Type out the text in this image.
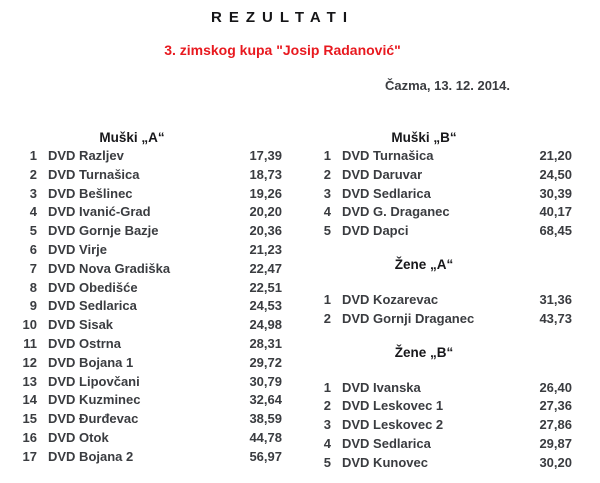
REZULTATI
3. zimskog kupa "Josip Radanović"
Čazma, 13. 12. 2014.
Muški „A“
1 DVD Razljev	17,39
2 DVD Turnašica	18,73
3 DVD Bešlinec	19,26
4 DVD Ivanić-Grad	20,20
5 DVD Gornje Bazje	20,36
6 DVD Virje	21,23
7 DVD Nova Gradiška	22,47
8 DVD Obedišće	22,51
9 DVD Sedlarica	24,53
10 DVD Sisak	24,98
11 DVD Ostrna	28,31
12 DVD Bojana 1	29,72
13 DVD Lipovčani	30,79
14 DVD Kuzminec	32,64
15 DVD Đurđevac	38,59
16 DVD Otok	44,78
17 DVD Bojana 2	56,97
Muški „B“
1 DVD Turnašica	21,20
2 DVD Daruvar	24,50
3 DVD Sedlarica	30,39
4 DVD G. Draganec	40,17
5 DVD Dapci	68,45
Žene „A“
1 DVD Kozarevac	31,36
2 DVD Gornji Draganec	43,73
Žene „B“
1 DVD Ivanska	26,40
2 DVD Leskovec 1	27,36
3 DVD Leskovec 2	27,86
4 DVD Sedlarica	29,87
5 DVD Kunovec	30,20
